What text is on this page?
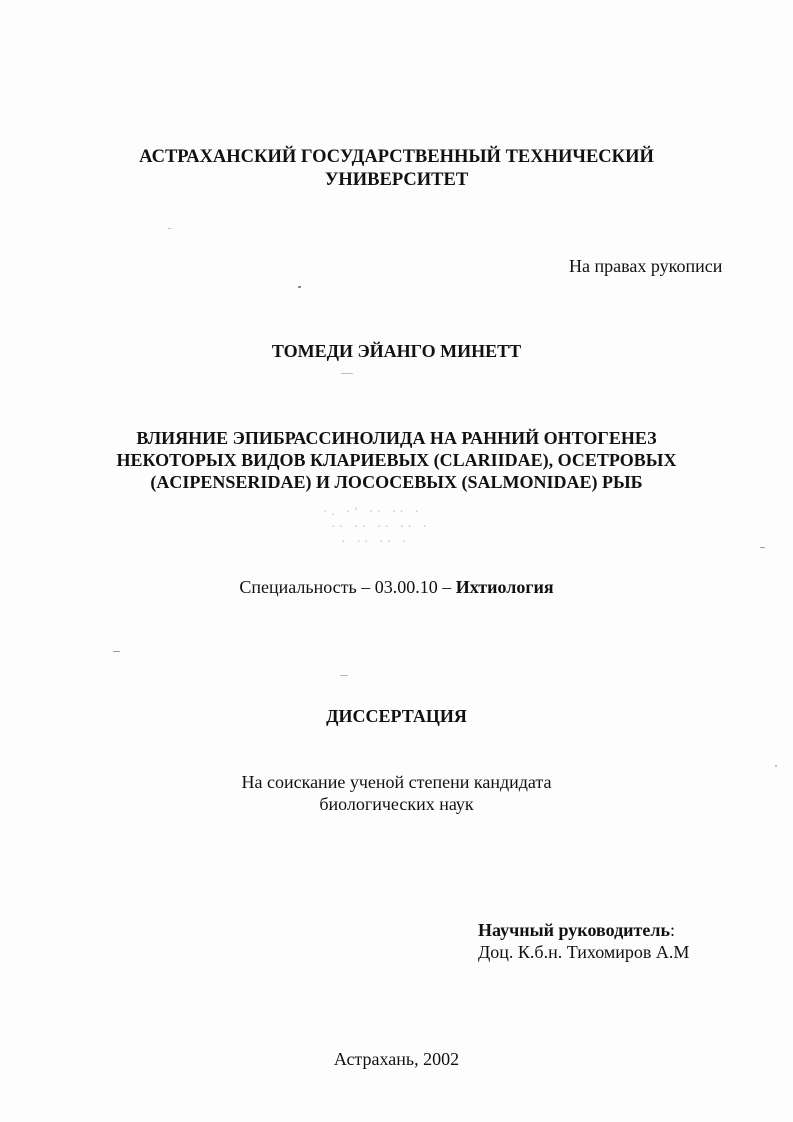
АСТРАХАНСКИЙ ГОСУДАРСТВЕННЫЙ ТЕХНИЧЕСКИЙ
УНИВЕРСИТЕТ
На правах рукописи
ТОМЕДИ ЭЙАНГО МИНЕТТ
ВЛИЯНИЕ ЭПИБРАССИНОЛИДА НА РАННИЙ ОНТОГЕНЕЗ
НЕКОТОРЫХ ВИДОВ КЛАРИЕВЫХ (CLARIIDAE), ОСЕТРОВЫХ
(ACIPENSERIDAE) И ЛОСОСЕВЫХ (SALMONIDAE) РЫБ
·. ·' ·· ·· ·
·· ·· ·· ·· ·
· ·· ·· ·
Специальность – 03.00.10 – Ихтиология
ДИССЕРТАЦИЯ
На соискание ученой степени кандидата
биологических наук
Научный руководитель:
Доц. К.б.н. Тихомиров А.М
Астрахань, 2002
